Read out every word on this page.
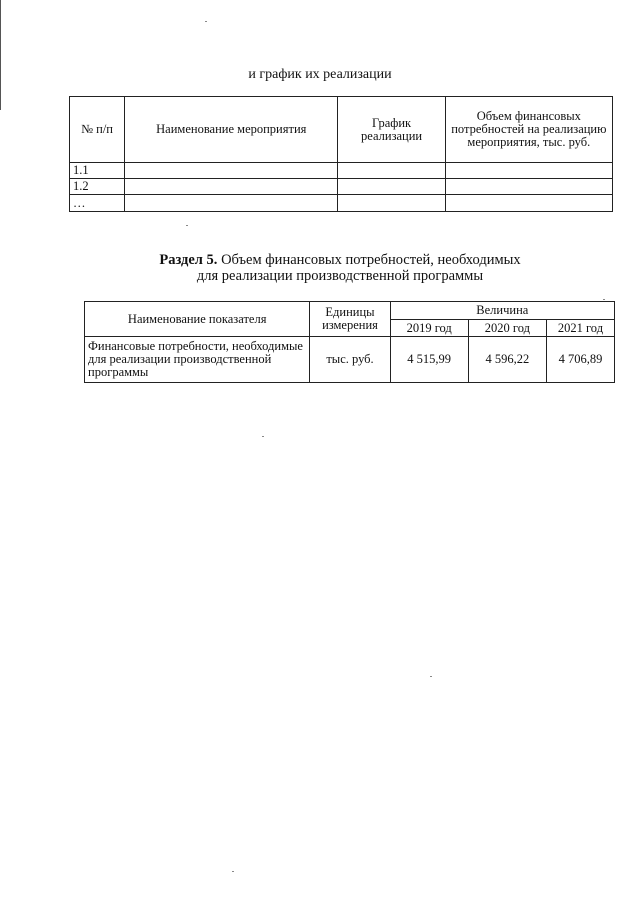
и график их реализации
№ п/п	Наименование мероприятия	График реализации	Объем финансовых потребностей на реализацию мероприятия, тыс. руб.
1.1			
1.2			
…			
Раздел 5. Объем финансовых потребностей, необходимых
для реализации производственной программы
Наименование показателя	Единицы измерения	Величина		
		2019 год	2020 год	2021 год
Финансовые потребности, необходимые для реализации производственной программы	тыс. руб.	4 515,99	4 596,22	4 706,89
